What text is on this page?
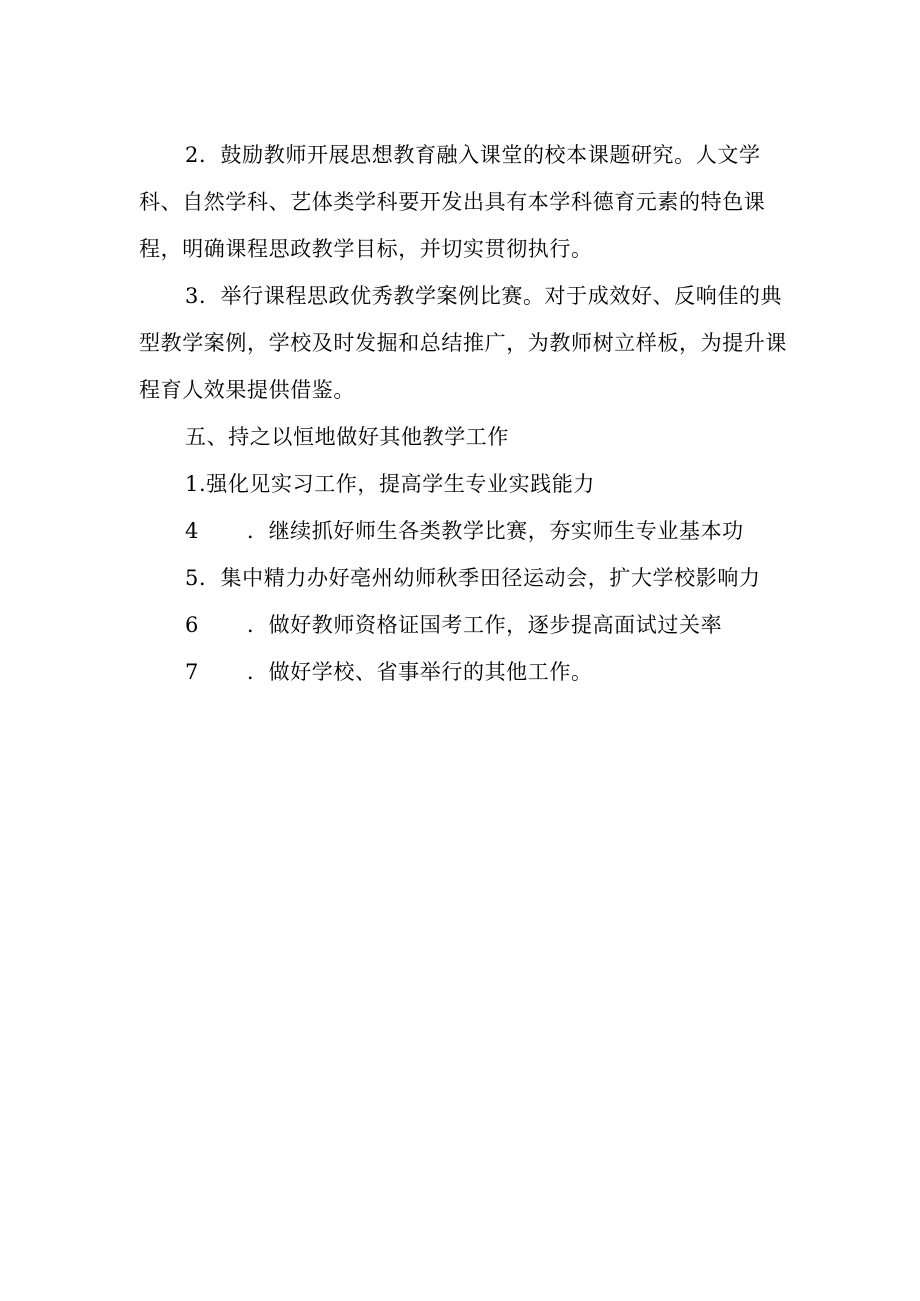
2．鼓励教师开展思想教育融入课堂的校本课题研究。人文学科、自然学科、艺体类学科要开发出具有本学科德育元素的特色课程，明确课程思政教学目标，并切实贯彻执行。

3．举行课程思政优秀教学案例比赛。对于成效好、反响佳的典型教学案例，学校及时发掘和总结推广，为教师树立样板，为提升课程育人效果提供借鉴。

五、持之以恒地做好其他教学工作

1.强化见实习工作，提高学生专业实践能力

4 ．继续抓好师生各类教学比赛，夯实师生专业基本功

5．集中精力办好亳州幼师秋季田径运动会，扩大学校影响力

6 ．做好教师资格证国考工作，逐步提高面试过关率

7 ．做好学校、省事举行的其他工作。
